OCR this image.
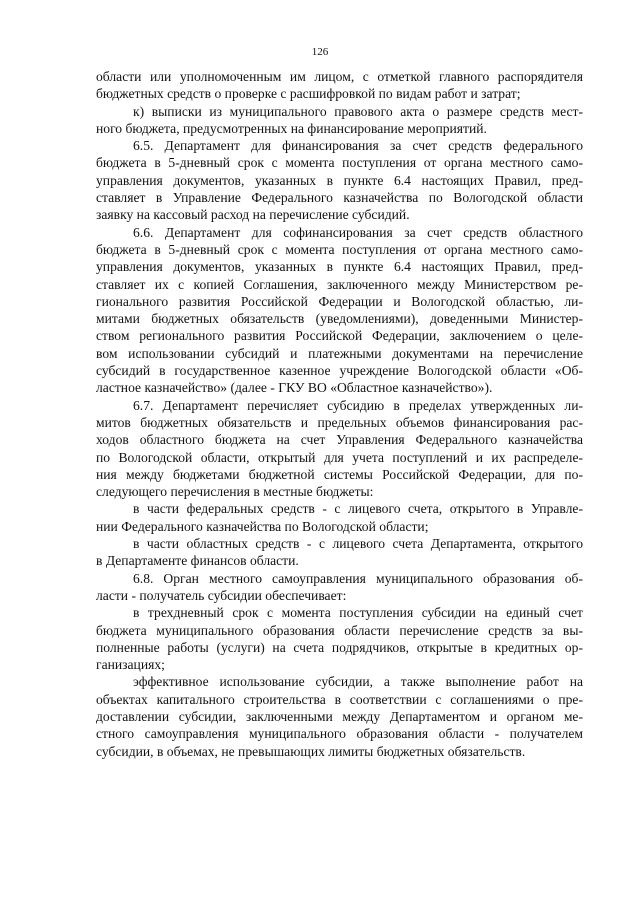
126
области или уполномоченным им лицом, с отметкой главного распорядителя
бюджетных средств о проверке с расшифровкой по видам работ и затрат;
к) выписки из муниципального правового акта о размере средств мест-
ного бюджета, предусмотренных на финансирование мероприятий.
6.5. Департамент для финансирования за счет средств федерального
бюджета в 5-дневный срок с момента поступления от органа местного само-
управления документов, указанных в пункте 6.4 настоящих Правил, пред-
ставляет в Управление Федерального казначейства по Вологодской области
заявку на кассовый расход на перечисление субсидий.
6.6. Департамент для софинансирования за счет средств областного
бюджета в 5-дневный срок с момента поступления от органа местного само-
управления документов, указанных в пункте 6.4 настоящих Правил, пред-
ставляет их с копией Соглашения, заключенного между Министерством ре-
гионального развития Российской Федерации и Вологодской областью, ли-
митами бюджетных обязательств (уведомлениями), доведенными Министер-
ством регионального развития Российской Федерации, заключением о целе-
вом использовании субсидий и платежными документами на перечисление
субсидий в государственное казенное учреждение Вологодской области «Об-
ластное казначейство» (далее - ГКУ ВО «Областное казначейство»).
6.7. Департамент перечисляет субсидию в пределах утвержденных ли-
митов бюджетных обязательств и предельных объемов финансирования рас-
ходов областного бюджета на счет Управления Федерального казначейства
по Вологодской области, открытый для учета поступлений и их распределе-
ния между бюджетами бюджетной системы Российской Федерации, для по-
следующего перечисления в местные бюджеты:
в части федеральных средств - с лицевого счета, открытого в Управле-
нии Федерального казначейства по Вологодской области;
в части областных средств - с лицевого счета Департамента, открытого
в Департаменте финансов области.
6.8. Орган местного самоуправления муниципального образования об-
ласти - получатель субсидии обеспечивает:
в трехдневный срок с момента поступления субсидии на единый счет
бюджета муниципального образования области перечисление средств за вы-
полненные работы (услуги) на счета подрядчиков, открытые в кредитных ор-
ганизациях;
эффективное использование субсидии, а также выполнение работ на
объектах капитального строительства в соответствии с соглашениями о пре-
доставлении субсидии, заключенными между Департаментом и органом ме-
стного самоуправления муниципального образования области - получателем
субсидии, в объемах, не превышающих лимиты бюджетных обязательств.
